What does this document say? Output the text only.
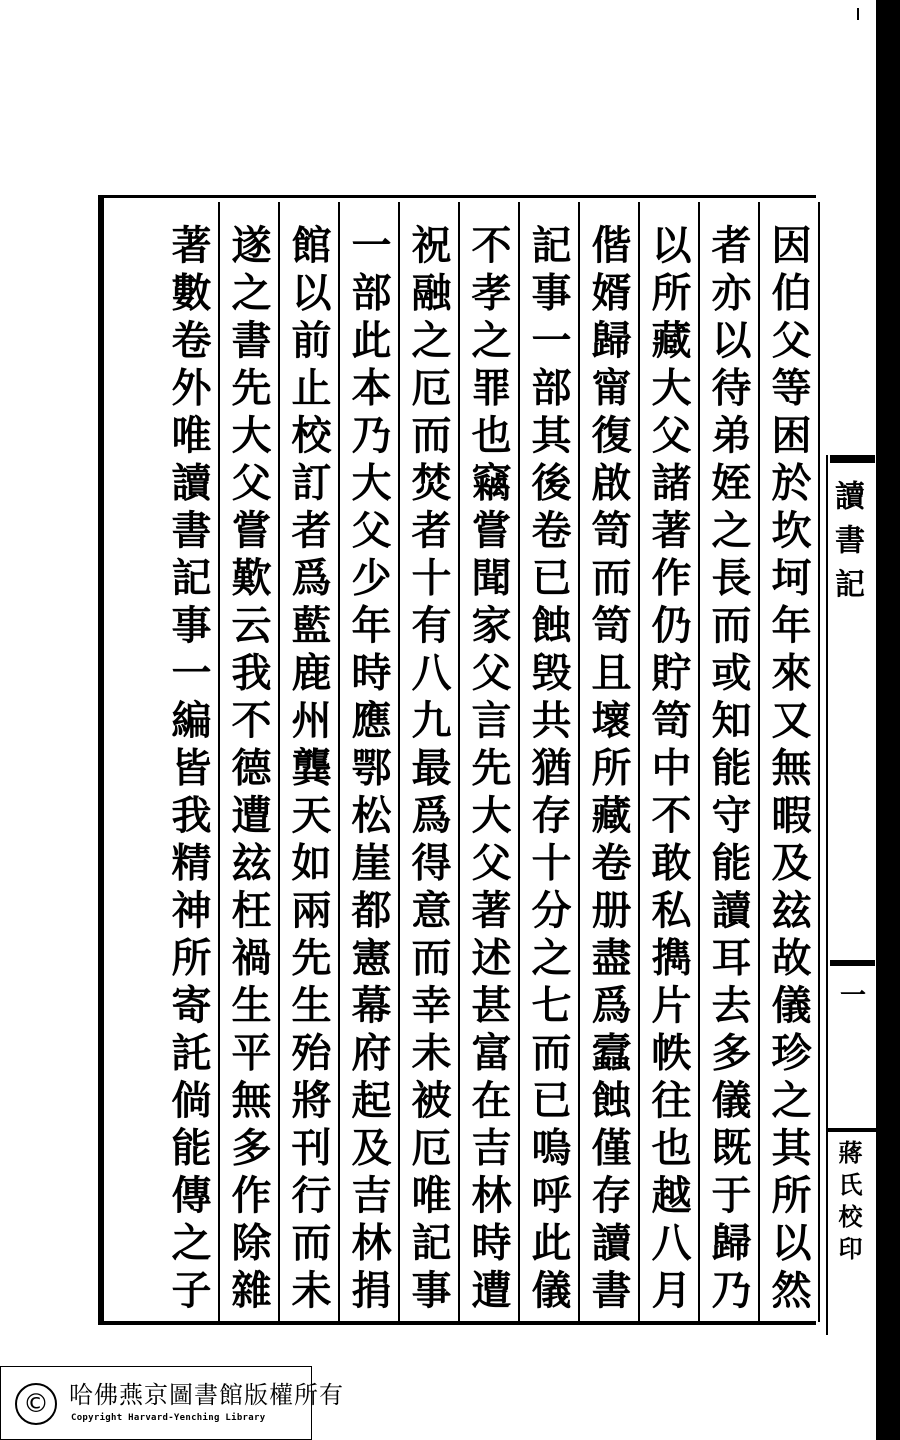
因伯父等困於坎坷年來又無暇及玆故儀珍之其所以然
者亦以待弟姪之長而或知能守能讀耳去多儀既于歸乃
以所藏大父諸著作仍貯笥中不敢私擕片帙往也越八月
偕婿歸甯復啟笥而笥且壞所藏卷册盡爲蠧蝕僅存讀書
記事一部其後卷已蝕毁共猶存十分之七而已嗚呼此儀
不孝之罪也竊嘗聞家父言先大父著述甚富在吉林時遭
祝融之厄而焚者十有八九最爲得意而幸未被厄唯記事
一部此本乃大父少年時應鄂松崖都憲幕府起及吉林捐
館以前止校訂者爲藍鹿州龔天如兩先生殆將刊行而未
遂之書先大父嘗歎云我不德遭玆枉禍生平無多作除雜
著數卷外唯讀書記事一編皆我精神所寄託倘能傳之子	讀書記
一
蔣氏校印
© 哈佛燕京圖書館版權所有
Copyright Harvard-Yenching Library
